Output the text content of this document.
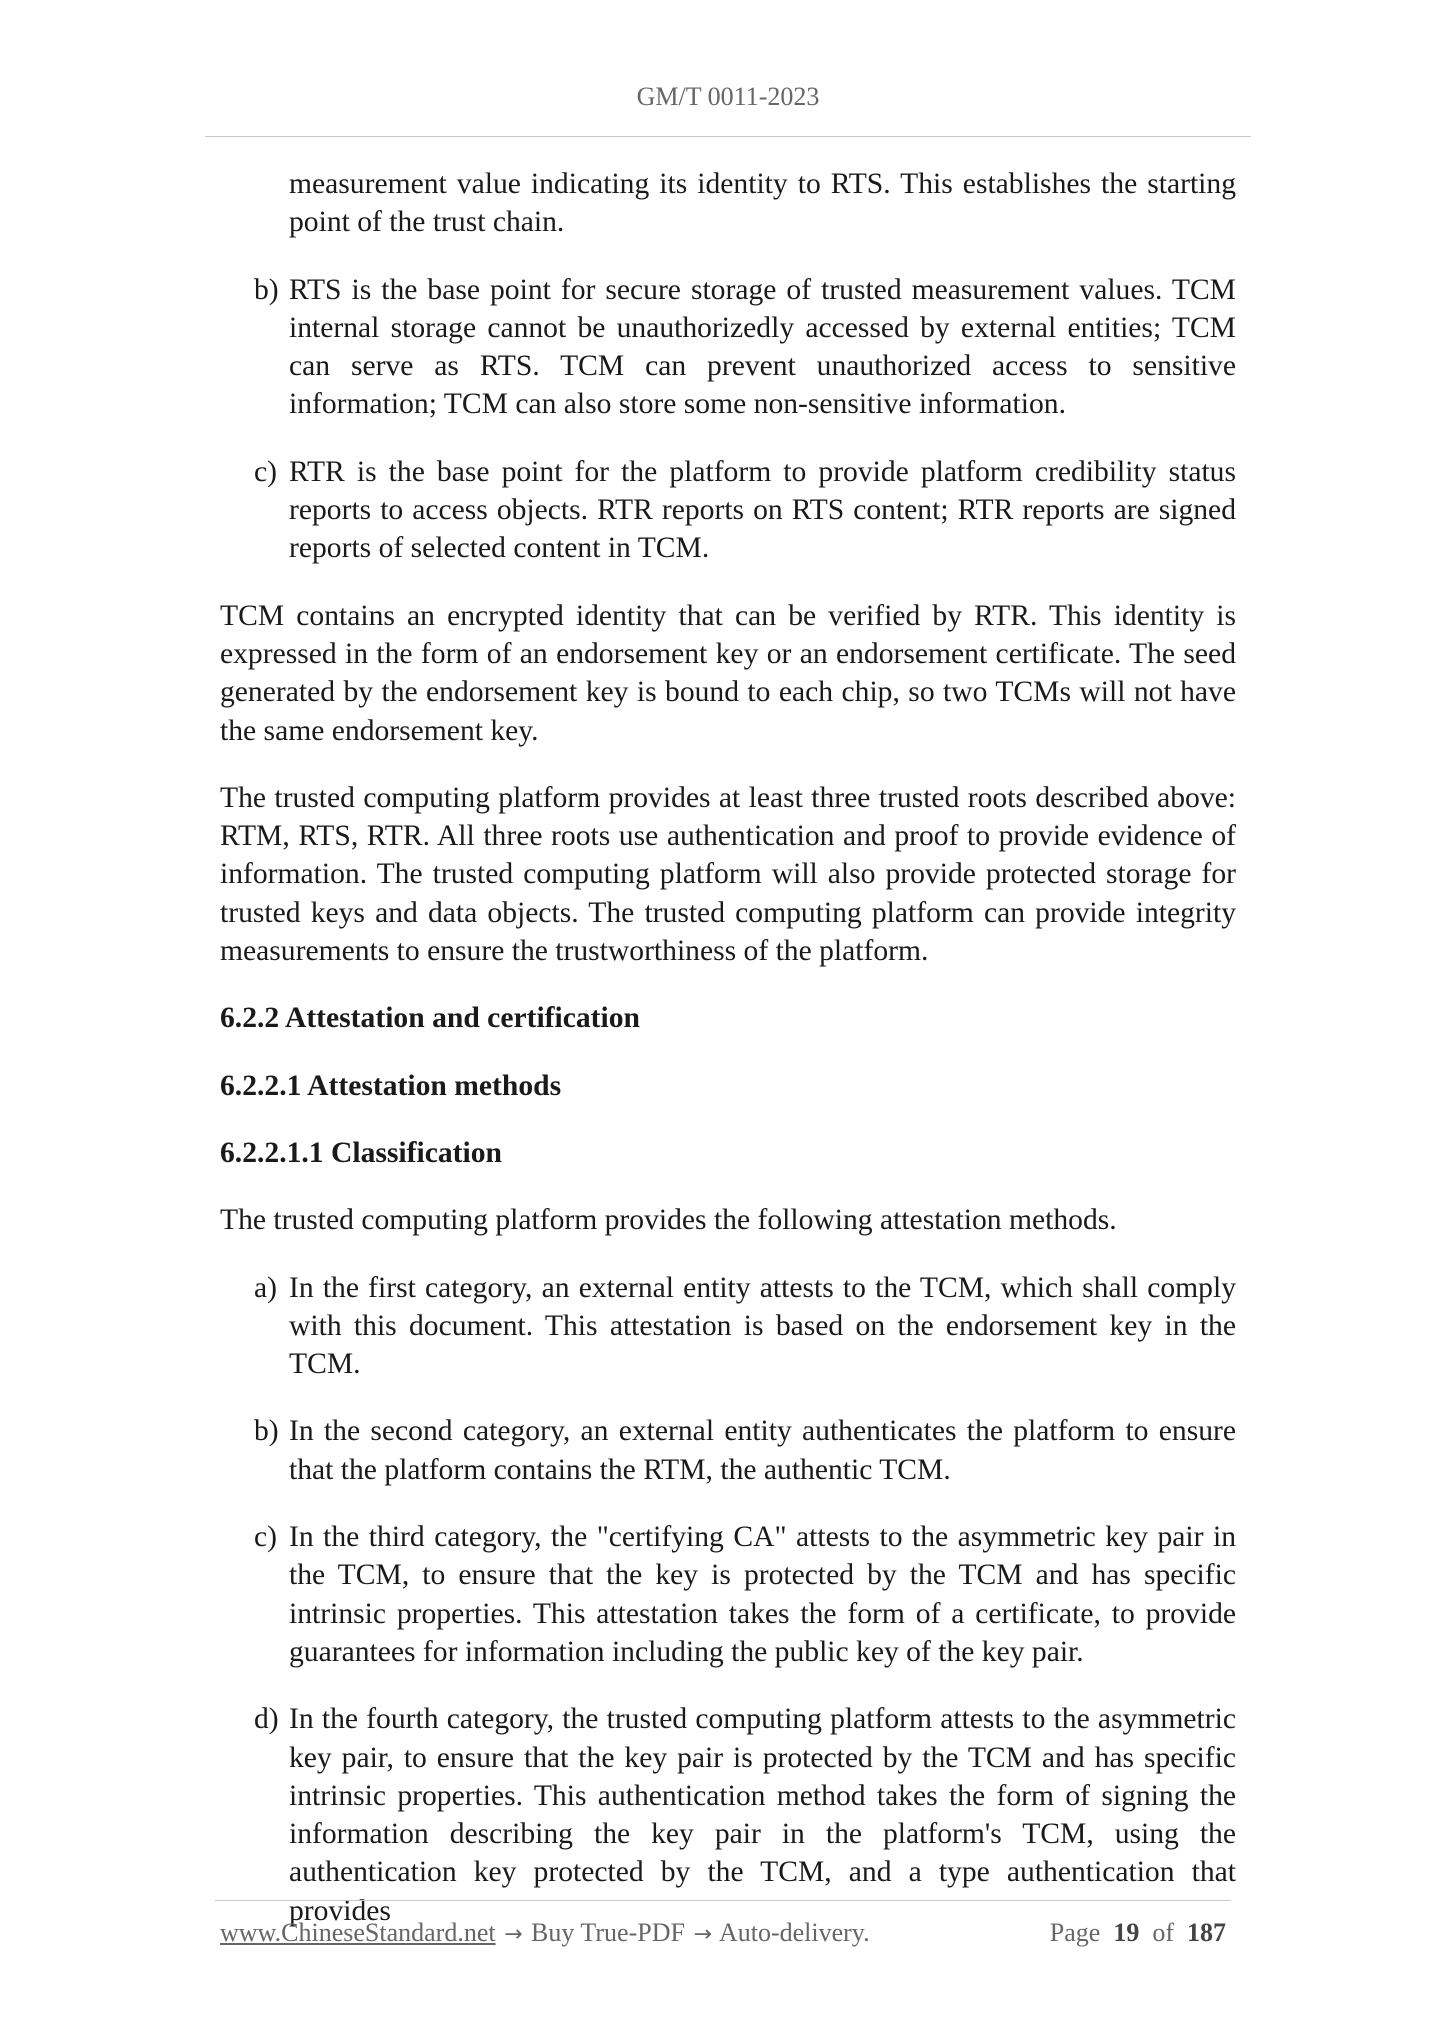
GM/T 0011-2023

measurement value indicating its identity to RTS. This establishes the starting point of the trust chain.

b) RTS is the base point for secure storage of trusted measurement values. TCM internal storage cannot be unauthorizedly accessed by external entities; TCM can serve as RTS. TCM can prevent unauthorized access to sensitive information; TCM can also store some non-sensitive information.

c) RTR is the base point for the platform to provide platform credibility status reports to access objects. RTR reports on RTS content; RTR reports are signed reports of selected content in TCM.

TCM contains an encrypted identity that can be verified by RTR. This identity is expressed in the form of an endorsement key or an endorsement certificate. The seed generated by the endorsement key is bound to each chip, so two TCMs will not have the same endorsement key.

The trusted computing platform provides at least three trusted roots described above: RTM, RTS, RTR. All three roots use authentication and proof to provide evidence of information. The trusted computing platform will also provide protected storage for trusted keys and data objects. The trusted computing platform can provide integrity measurements to ensure the trustworthiness of the platform.

6.2.2 Attestation and certification

6.2.2.1 Attestation methods

6.2.2.1.1 Classification

The trusted computing platform provides the following attestation methods.

a) In the first category, an external entity attests to the TCM, which shall comply with this document. This attestation is based on the endorsement key in the TCM.

b) In the second category, an external entity authenticates the platform to ensure that the platform contains the RTM, the authentic TCM.

c) In the third category, the "certifying CA" attests to the asymmetric key pair in the TCM, to ensure that the key is protected by the TCM and has specific intrinsic properties. This attestation takes the form of a certificate, to provide guarantees for information including the public key of the key pair.

d) In the fourth category, the trusted computing platform attests to the asymmetric key pair, to ensure that the key pair is protected by the TCM and has specific intrinsic properties. This authentication method takes the form of signing the information describing the key pair in the platform's TCM, using the authentication key protected by the TCM, and a type authentication that provides

www.ChineseStandard.net → Buy True-PDF → Auto-delivery.	Page 19 of 187
